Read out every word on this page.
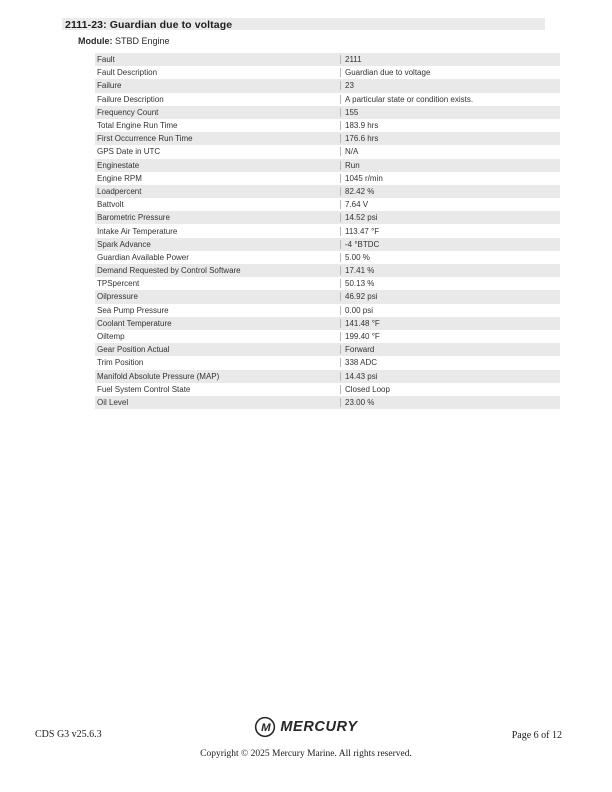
2111-23: Guardian due to voltage
Module: STBD Engine
Fault	2111
Fault Description	Guardian due to voltage
Failure	23
Failure Description	A particular state or condition exists.
Frequency Count	155
Total Engine Run Time	183.9 hrs
First Occurrence Run Time	176.6 hrs
GPS Date in UTC	N/A
Enginestate	Run
Engine RPM	1045 r/min
Loadpercent	82.42 %
Battvolt	7.64 V
Barometric Pressure	14.52 psi
Intake Air Temperature	113.47 °F
Spark Advance	-4 °BTDC
Guardian Available Power	5.00 %
Demand Requested by Control Software	17.41 %
TPSpercent	50.13 %
Oilpressure	46.92 psi
Sea Pump Pressure	0.00 psi
Coolant Temperature	141.48 °F
Oiltemp	199.40 °F
Gear Position Actual	Forward
Trim Position	338 ADC
Manifold Absolute Pressure (MAP)	14.43 psi
Fuel System Control State	Closed Loop
Oil Level	23.00 %
CDS G3 v25.6.3
M MERCURY
Page 6 of 12
Copyright © 2025 Mercury Marine. All rights reserved.
